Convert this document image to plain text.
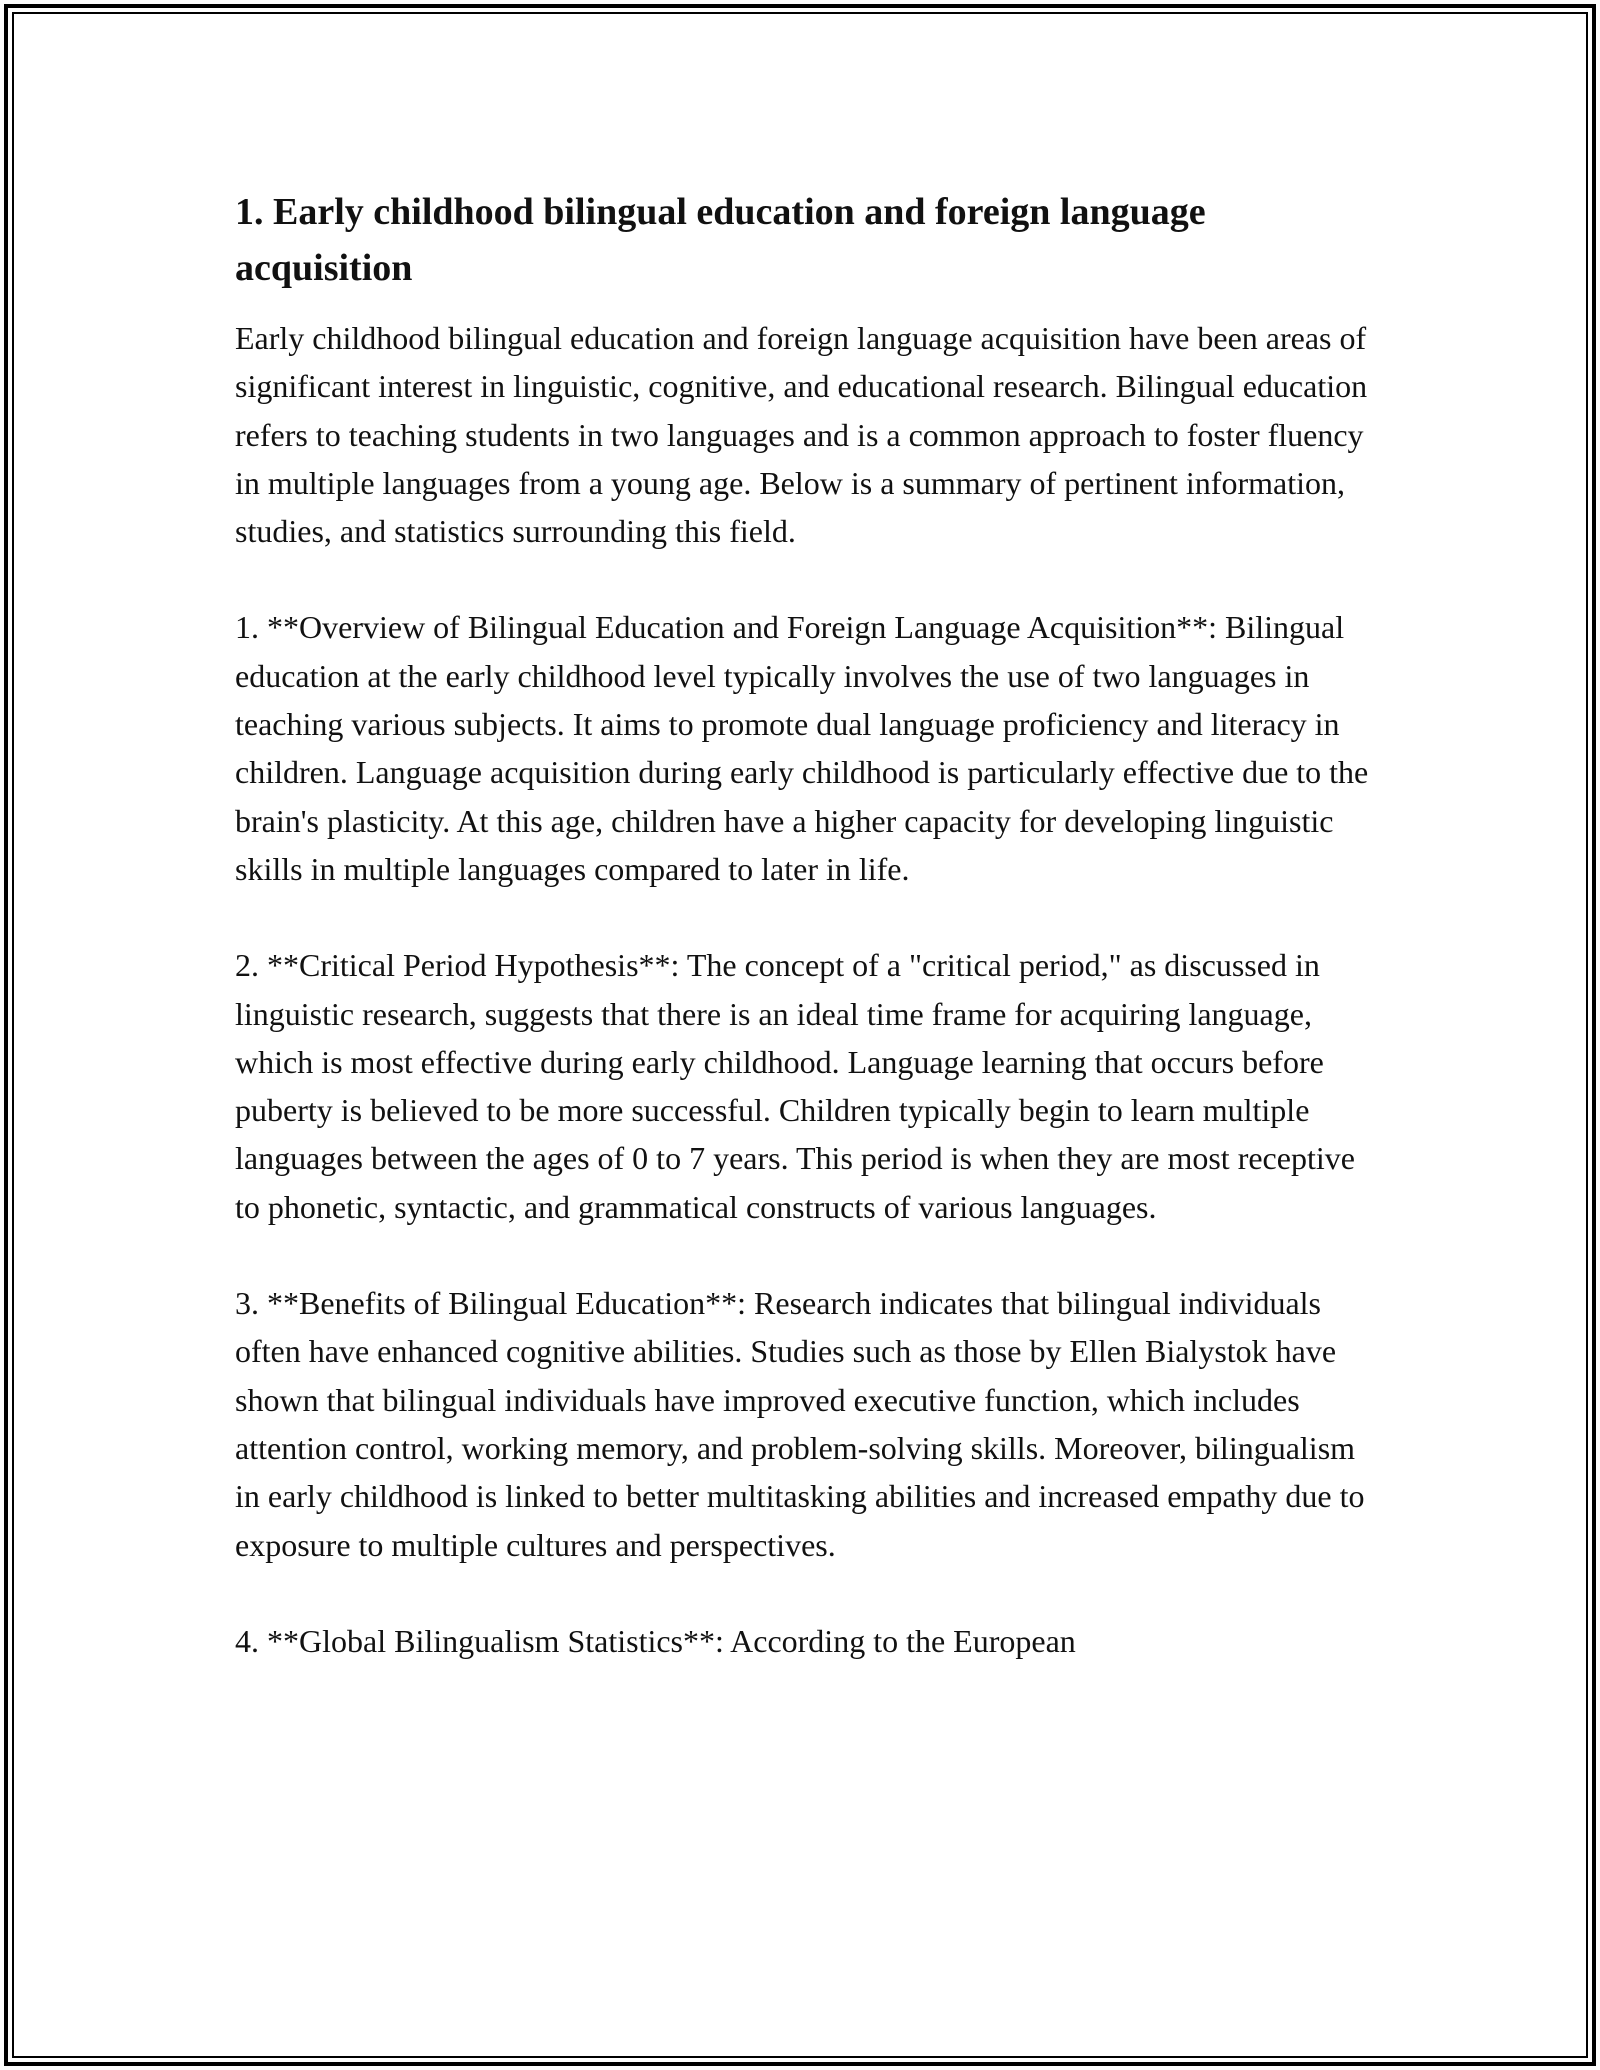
1. Early childhood bilingual education and foreign language acquisition

Early childhood bilingual education and foreign language acquisition have been areas of significant interest in linguistic, cognitive, and educational research. Bilingual education refers to teaching students in two languages and is a common approach to foster fluency in multiple languages from a young age. Below is a summary of pertinent information, studies, and statistics surrounding this field.

1. **Overview of Bilingual Education and Foreign Language Acquisition**: Bilingual education at the early childhood level typically involves the use of two languages in teaching various subjects. It aims to promote dual language proficiency and literacy in children. Language acquisition during early childhood is particularly effective due to the brain's plasticity. At this age, children have a higher capacity for developing linguistic skills in multiple languages compared to later in life.

2. **Critical Period Hypothesis**: The concept of a "critical period," as discussed in linguistic research, suggests that there is an ideal time frame for acquiring language, which is most effective during early childhood. Language learning that occurs before puberty is believed to be more successful. Children typically begin to learn multiple languages between the ages of 0 to 7 years. This period is when they are most receptive to phonetic, syntactic, and grammatical constructs of various languages.

3. **Benefits of Bilingual Education**: Research indicates that bilingual individuals often have enhanced cognitive abilities. Studies such as those by Ellen Bialystok have shown that bilingual individuals have improved executive function, which includes attention control, working memory, and problem-solving skills. Moreover, bilingualism in early childhood is linked to better multitasking abilities and increased empathy due to exposure to multiple cultures and perspectives.

4. **Global Bilingualism Statistics**: According to the European
